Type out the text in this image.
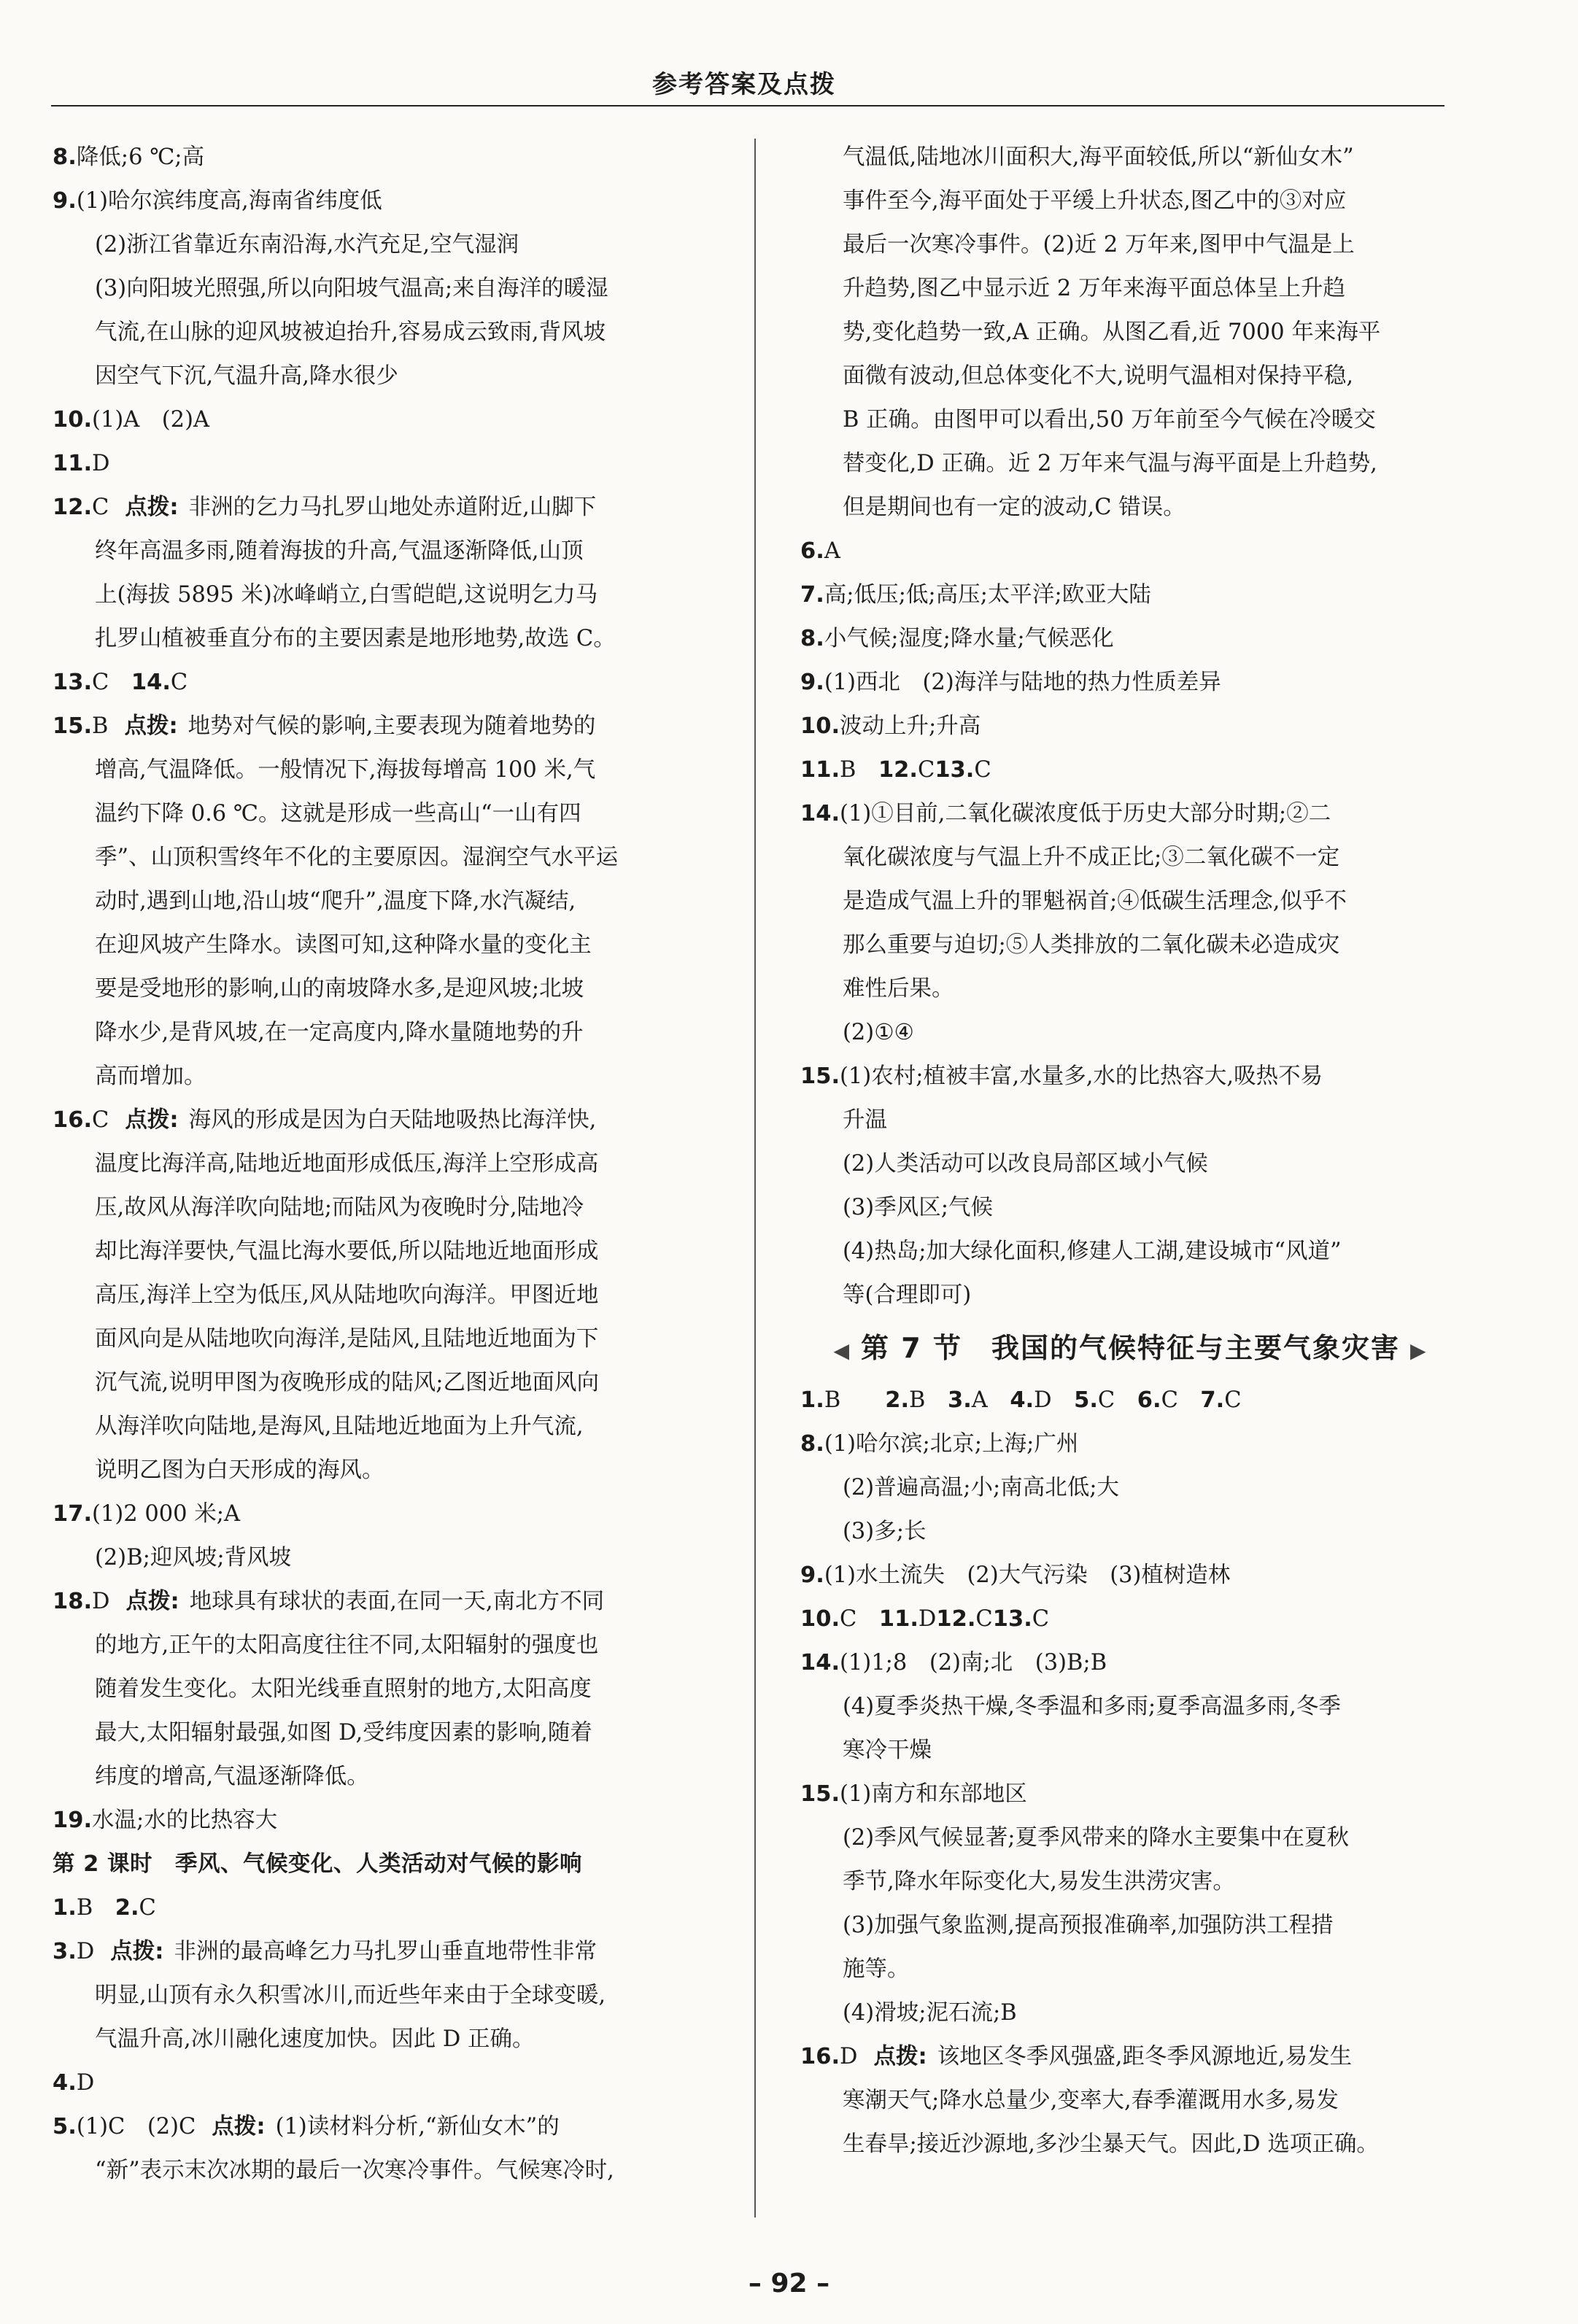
参考答案及点拨
8.降低;6 ℃;高
9.(1)哈尔滨纬度高,海南省纬度低
(2)浙江省靠近东南沿海,水汽充足,空气湿润
(3)向阳坡光照强,所以向阳坡气温高;来自海洋的暖湿
气流,在山脉的迎风坡被迫抬升,容易成云致雨,背风坡
因空气下沉,气温升高,降水很少
10.(1)A　(2)A
11.D
12.C 点拨: 非洲的乞力马扎罗山地处赤道附近,山脚下
终年高温多雨,随着海拔的升高,气温逐渐降低,山顶
上(海拔 5895 米)冰峰峭立,白雪皑皑,这说明乞力马
扎罗山植被垂直分布的主要因素是地形地势,故选 C。
13.C　 14.C
15.B 点拨: 地势对气候的影响,主要表现为随着地势的
增高,气温降低。一般情况下,海拔每增高 100 米,气
温约下降 0.6 ℃。这就是形成一些高山“一山有四
季”、山顶积雪终年不化的主要原因。湿润空气水平运
动时,遇到山地,沿山坡“爬升”,温度下降,水汽凝结,
在迎风坡产生降水。读图可知,这种降水量的变化主
要是受地形的影响,山的南坡降水多,是迎风坡;北坡
降水少,是背风坡,在一定高度内,降水量随地势的升
高而增加。
16.C 点拨: 海风的形成是因为白天陆地吸热比海洋快,
温度比海洋高,陆地近地面形成低压,海洋上空形成高
压,故风从海洋吹向陆地;而陆风为夜晚时分,陆地冷
却比海洋要快,气温比海水要低,所以陆地近地面形成
高压,海洋上空为低压,风从陆地吹向海洋。甲图近地
面风向是从陆地吹向海洋,是陆风,且陆地近地面为下
沉气流,说明甲图为夜晚形成的陆风;乙图近地面风向
从海洋吹向陆地,是海风,且陆地近地面为上升气流,
说明乙图为白天形成的海风。
17.(1)2 000 米;A
(2)B;迎风坡;背风坡
18.D 点拨: 地球具有球状的表面,在同一天,南北方不同
的地方,正午的太阳高度往往不同,太阳辐射的强度也
随着发生变化。太阳光线垂直照射的地方,太阳高度
最大,太阳辐射最强,如图 D,受纬度因素的影响,随着
纬度的增高,气温逐渐降低。
19.水温;水的比热容大
第 2 课时　季风、气候变化、人类活动对气候的影响
1.B　 2.C
3.D 点拨: 非洲的最高峰乞力马扎罗山垂直地带性非常
明显,山顶有永久积雪冰川,而近些年来由于全球变暖,
气温升高,冰川融化速度加快。因此 D 正确。
4.D
5.(1)C　(2)C 点拨: (1)读材料分析,“新仙女木”的
“新”表示末次冰期的最后一次寒冷事件。气候寒冷时,
气温低,陆地冰川面积大,海平面较低,所以“新仙女木”
事件至今,海平面处于平缓上升状态,图乙中的③对应
最后一次寒冷事件。(2)近 2 万年来,图甲中气温是上
升趋势,图乙中显示近 2 万年来海平面总体呈上升趋
势,变化趋势一致,A 正确。从图乙看,近 7000 年来海平
面微有波动,但总体变化不大,说明气温相对保持平稳,
B 正确。由图甲可以看出,50 万年前至今气候在冷暖交
替变化,D 正确。近 2 万年来气温与海平面是上升趋势,
但是期间也有一定的波动,C 错误。
6.A
7.高;低压;低;高压;太平洋;欧亚大陆
8.小气候;湿度;降水量;气候恶化
9.(1)西北　(2)海洋与陆地的热力性质差异
10.波动上升;升高
11.B　 12.C13.C
14.(1)①目前,二氧化碳浓度低于历史大部分时期;②二
氧化碳浓度与气温上升不成正比;③二氧化碳不一定
是造成气温上升的罪魁祸首;④低碳生活理念,似乎不
那么重要与迫切;⑤人类排放的二氧化碳未必造成灾
难性后果。
(2)①④
15.(1)农村;植被丰富,水量多,水的比热容大,吸热不易
升温
(2)人类活动可以改良局部区域小气候
(3)季风区;气候
(4)热岛;加大绿化面积,修建人工湖,建设城市“风道”
等(合理即可)
◀ 第 7 节　我国的气候特征与主要气象灾害 ▶
1.B　　2.B　3.A　4.D　5.C　6.C　7.C
8.(1)哈尔滨;北京;上海;广州
(2)普遍高温;小;南高北低;大
(3)多;长
9.(1)水土流失　(2)大气污染　(3)植树造林
10.C　 11.D12.C13.C
14.(1)1;8　(2)南;北　(3)B;B
(4)夏季炎热干燥,冬季温和多雨;夏季高温多雨,冬季
寒冷干燥
15.(1)南方和东部地区
(2)季风气候显著;夏季风带来的降水主要集中在夏秋
季节,降水年际变化大,易发生洪涝灾害。
(3)加强气象监测,提高预报准确率,加强防洪工程措
施等。
(4)滑坡;泥石流;B
16.D 点拨: 该地区冬季风强盛,距冬季风源地近,易发生
寒潮天气;降水总量少,变率大,春季灌溉用水多,易发
生春旱;接近沙源地,多沙尘暴天气。因此,D 选项正确。
– 92 –
